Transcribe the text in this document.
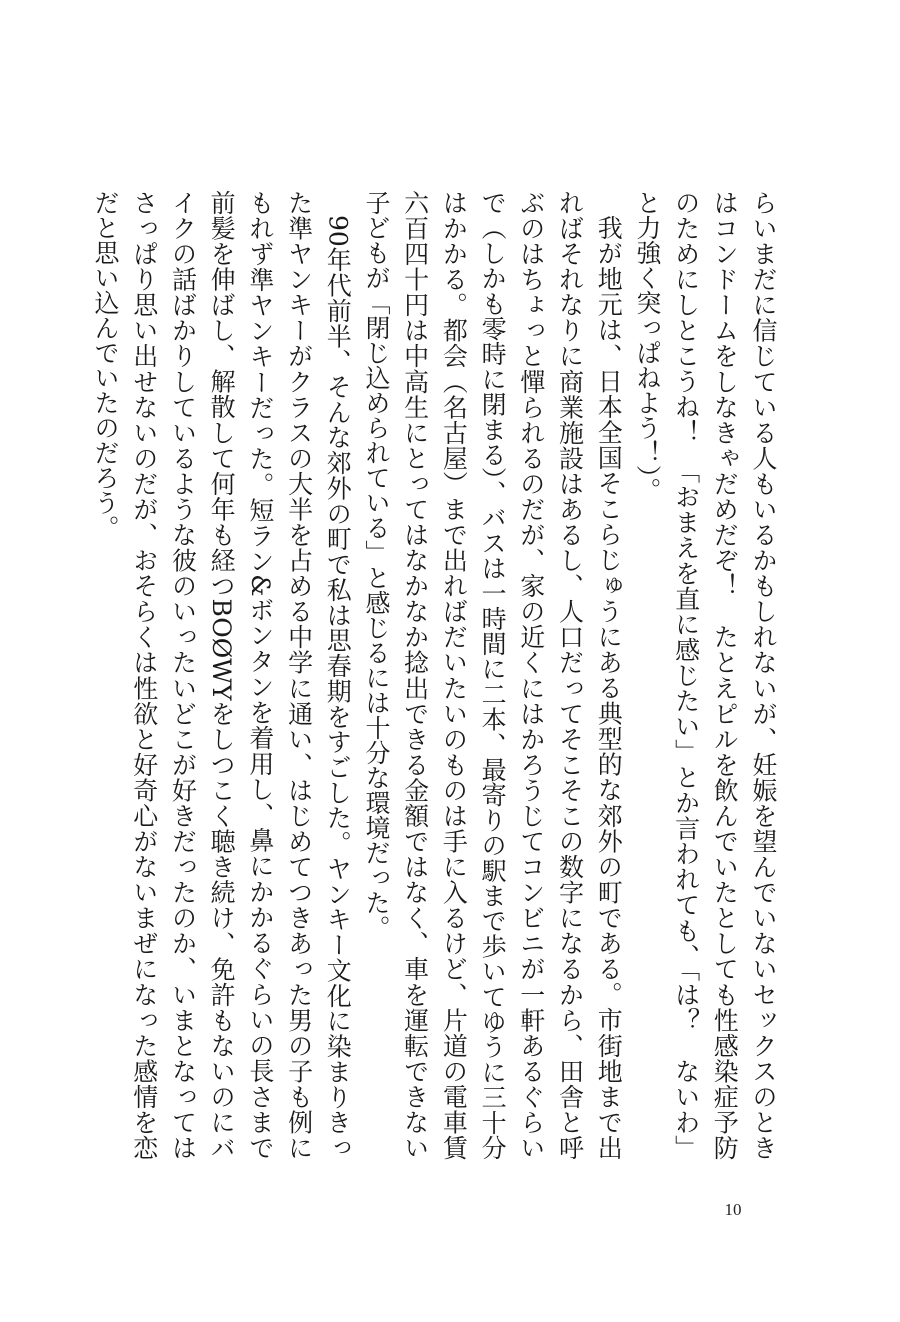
らいまだに信じている人もいるかもしれないが、妊娠を望んでいないセックスのときはコンドームをしなきゃだめだぞ！　たとえピルを飲んでいたとしても性感染症予防のためにしとこうね！　「おまえを直に感じたい」とか言われても、「は？　ないわ」と力強く突っぱねよう！）。

我が地元は、日本全国そこらじゅうにある典型的な郊外の町である。市街地まで出ればそれなりに商業施設はあるし、人口だってそこそこの数字になるから、田舎と呼ぶのはちょっと憚られるのだが、家の近くにはかろうじてコンビニが一軒あるぐらいで（しかも零時に閉まる）、バスは一時間に二本、最寄りの駅まで歩いてゆうに三十分はかかる。都会（名古屋）まで出ればだいたいのものは手に入るけど、片道の電車賃六百四十円は中高生にとってはなかなか捻出できる金額ではなく、車を運転できない子どもが「閉じ込められている」と感じるには十分な環境だった。

90年代前半、そんな郊外の町で私は思春期をすごした。ヤンキー文化に染まりきった準ヤンキーがクラスの大半を占める中学に通い、はじめてつきあった男の子も例にもれず準ヤンキーだった。短ラン&ボンタンを着用し、鼻にかかるぐらいの長さまで前髪を伸ばし、解散して何年も経つBOØWYをしつこく聴き続け、免許もないのにバイクの話ばかりしているような彼のいったいどこが好きだったのか、いまとなってはさっぱり思い出せないのだが、おそらくは性欲と好奇心がないまぜになった感情を恋だと思い込んでいたのだろう。

10
